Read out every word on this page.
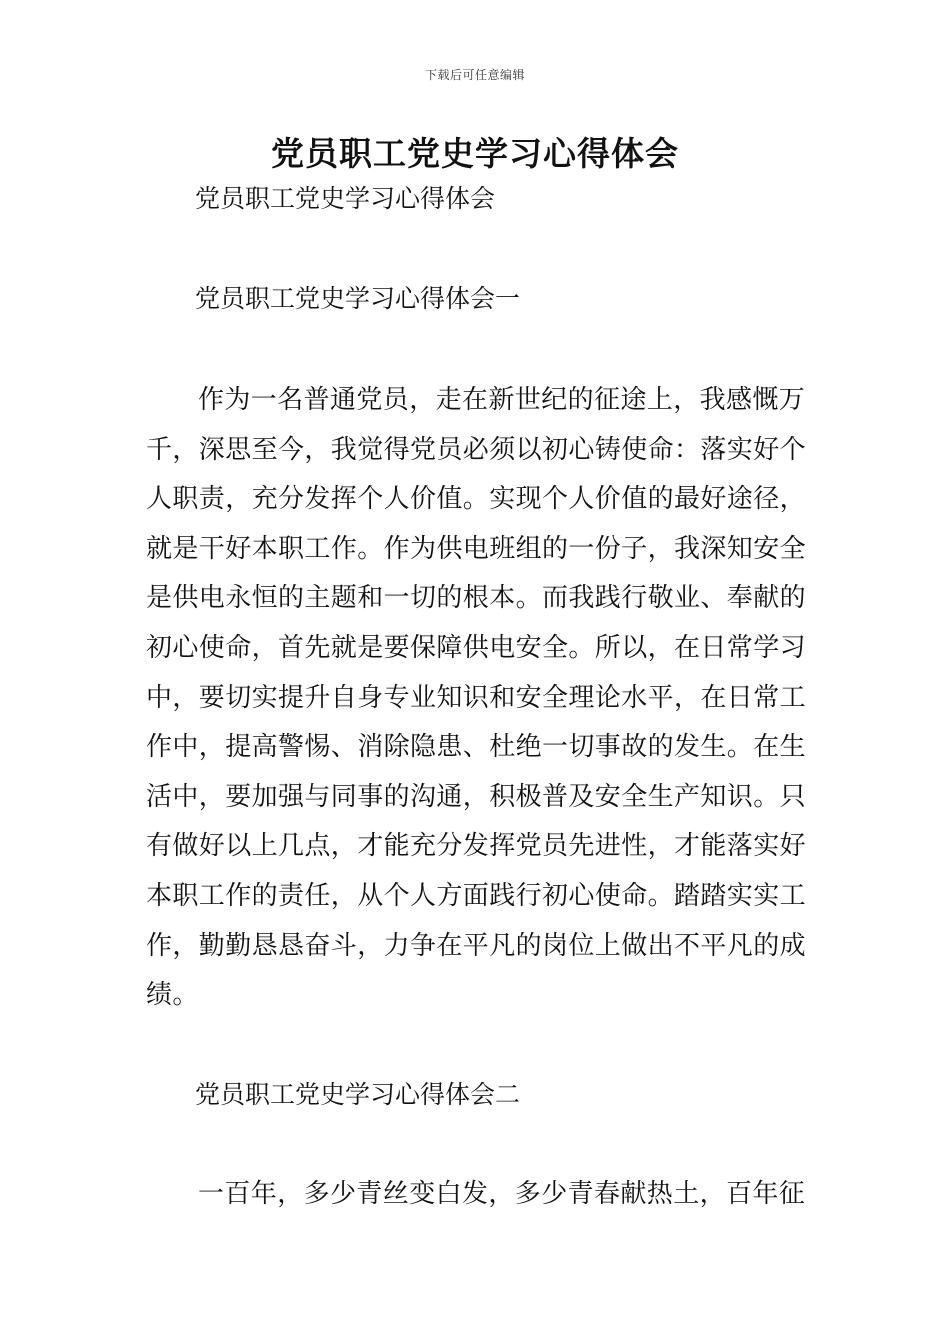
下载后可任意编辑
党员职工党史学习心得体会
党员职工党史学习心得体会
党员职工党史学习心得体会一

作为一名普通党员，走在新世纪的征途上，我感慨万千，深思至今，我觉得党员必须以初心铸使命：落实好个人职责，充分发挥个人价值。实现个人价值的最好途径，就是干好本职工作。作为供电班组的一份子，我深知安全是供电永恒的主题和一切的根本。而我践行敬业、奉献的初心使命，首先就是要保障供电安全。所以，在日常学习中，要切实提升自身专业知识和安全理论水平，在日常工作中，提高警惕、消除隐患、杜绝一切事故的发生。在生活中，要加强与同事的沟通，积极普及安全生产知识。只有做好以上几点，才能充分发挥党员先进性，才能落实好本职工作的责任，从个人方面践行初心使命。踏踏实实工作，勤勤恳恳奋斗，力争在平凡的岗位上做出不平凡的成绩。

党员职工党史学习心得体会二

一百年，多少青丝变白发，多少青春献热土，百年征
